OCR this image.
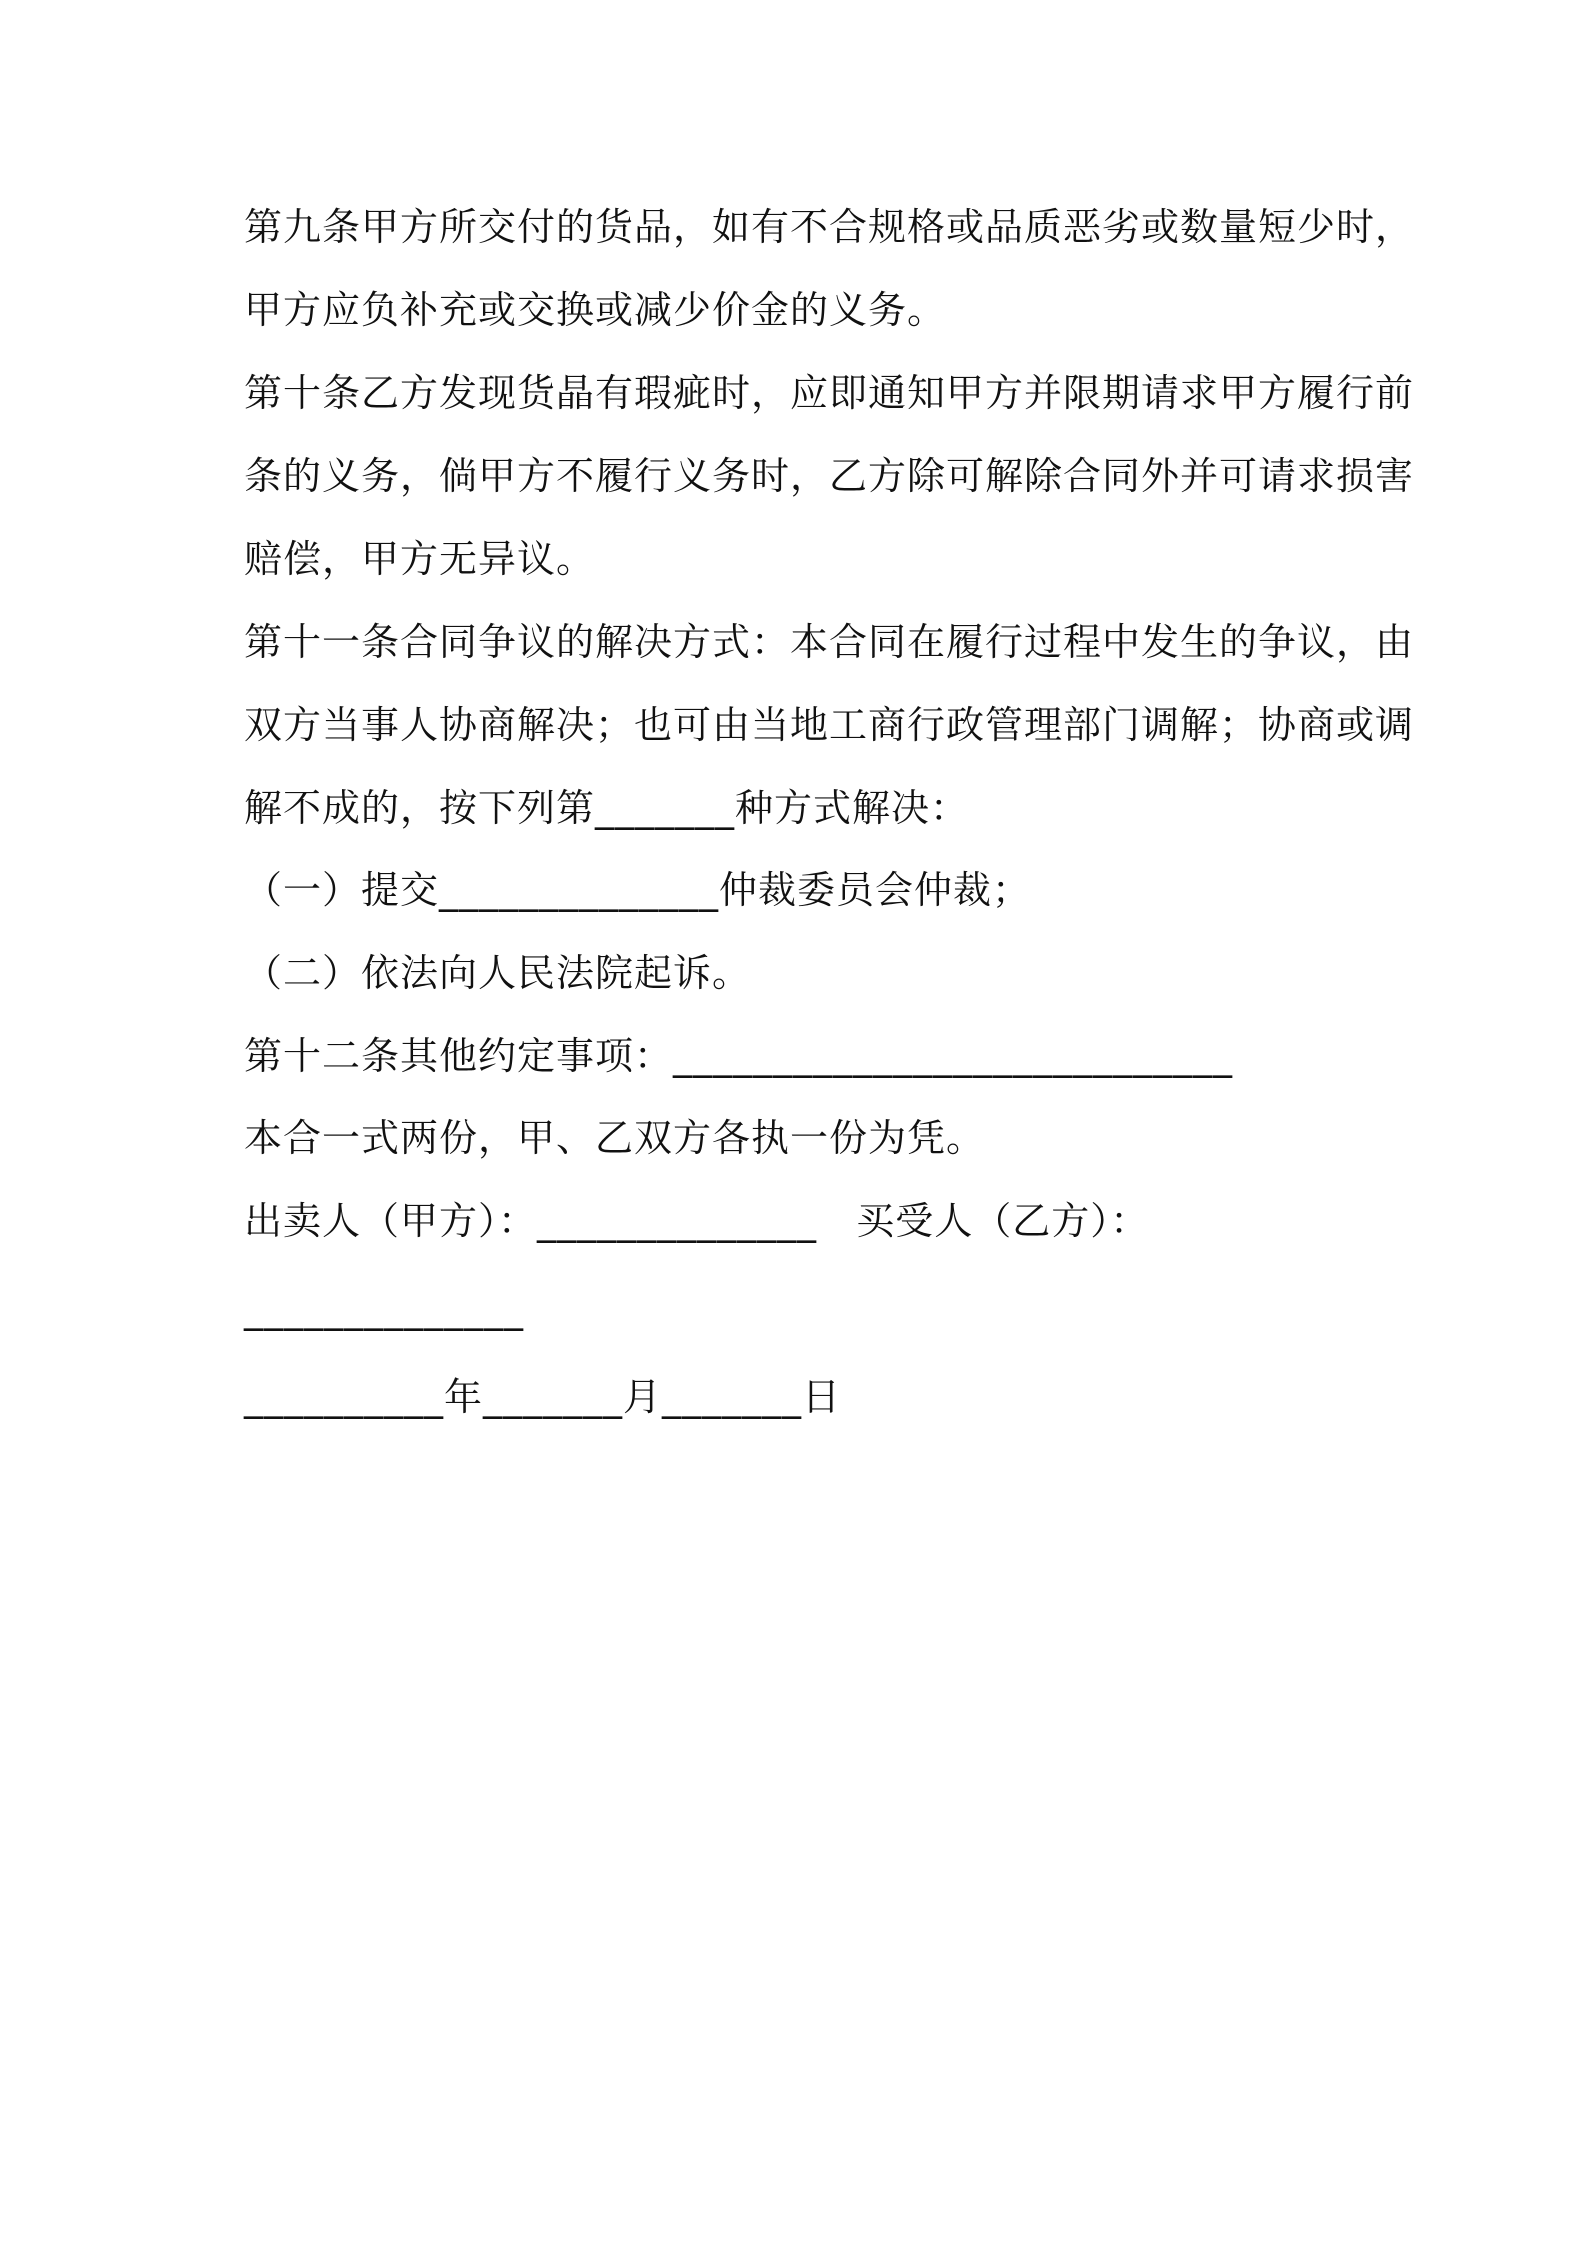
第九条甲方所交付的货品，如有不合规格或品质恶劣或数量短少时，
甲方应负补充或交换或减少价金的义务。
第十条乙方发现货晶有瑕疵时，应即通知甲方并限期请求甲方履行前
条的义务，倘甲方不履行义务时，乙方除可解除合同外并可请求损害
赔偿，甲方无异议。
第十一条合同争议的解决方式：本合同在履行过程中发生的争议，由
双方当事人协商解决；也可由当地工商行政管理部门调解；协商或调
解不成的，按下列第_______种方式解决：
（一）提交______________仲裁委员会仲裁；
（二）依法向人民法院起诉。
第十二条其他约定事项：____________________________
本合一式两份，甲、乙双方各执一份为凭。
出卖人（甲方）：______________   买受人（乙方）：
______________
__________年_______月_______日
